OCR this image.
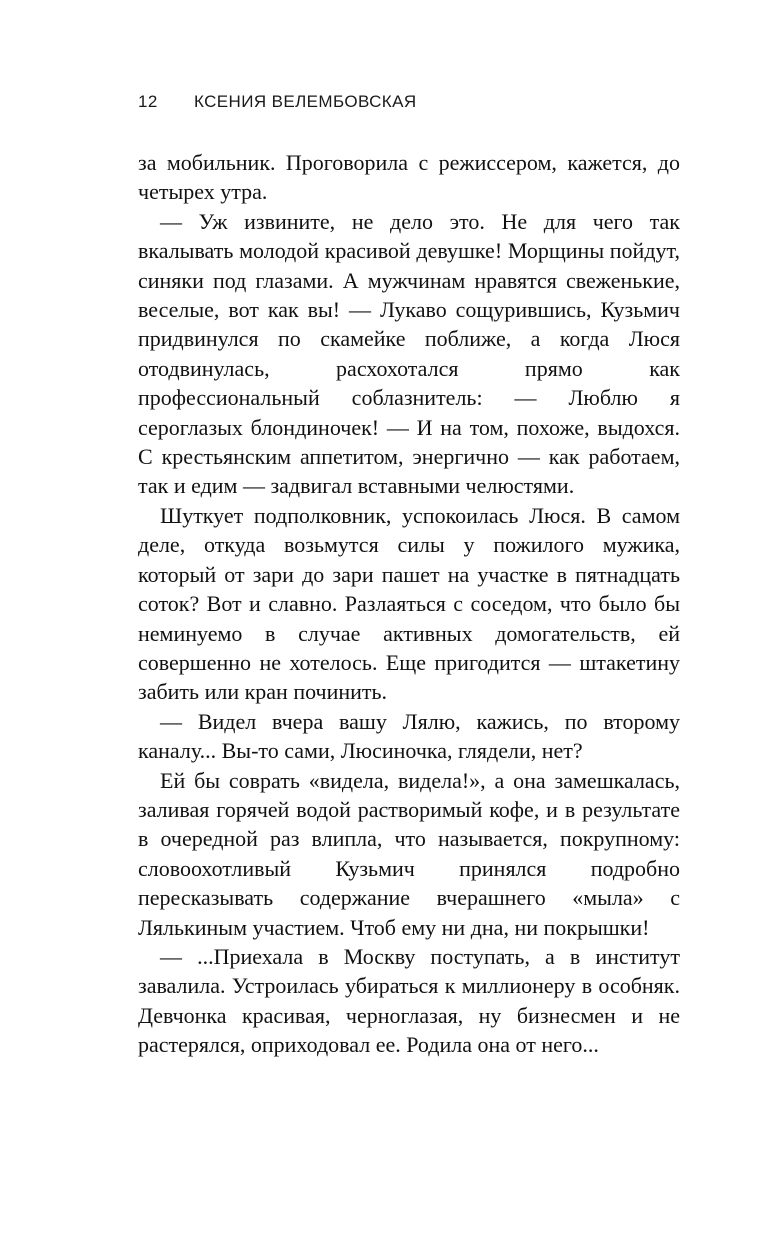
12 КСЕНИЯ ВЕЛЕМБОВСКАЯ

за мобильник. Проговорила с режиссером, кажется, до четырех утра.

— Уж извините, не дело это. Не для чего так вкалывать молодой красивой девушке! Морщины пойдут, синяки под глазами. А мужчинам нравятся свеженькие, веселые, вот как вы! — Лукаво сощурившись, Кузьмич придвинулся по скамейке поближе, а когда Люся отодвинулась, расхохотался прямо как профессиональный соблазнитель: — Люблю я сероглазых блондиночек! — И на том, похоже, выдохся. С крестьянским аппетитом, энергично — как работаем, так и едим — задвигал вставными челюстями.

Шуткует подполковник, успокоилась Люся. В самом деле, откуда возьмутся силы у пожилого мужика, который от зари до зари пашет на участке в пятнадцать соток? Вот и славно. Разлаяться с соседом, что было бы неминуемо в случае активных домогательств, ей совершенно не хотелось. Еще пригодится — штакетину забить или кран починить.

— Видел вчера вашу Лялю, кажись, по второму каналу... Вы-то сами, Люсиночка, глядели, нет?

Ей бы соврать «видела, видела!», а она замешкалась, заливая горячей водой растворимый кофе, и в результате в очередной раз влипла, что называется, покрупному: словоохотливый Кузьмич принялся подробно пересказывать содержание вчерашнего «мыла» с Лялькиным участием. Чтоб ему ни дна, ни покрышки!

— ...Приехала в Москву поступать, а в институт завалила. Устроилась убираться к миллионеру в особняк. Девчонка красивая, черноглазая, ну бизнесмен и не растерялся, оприходовал ее. Родила она от него...
